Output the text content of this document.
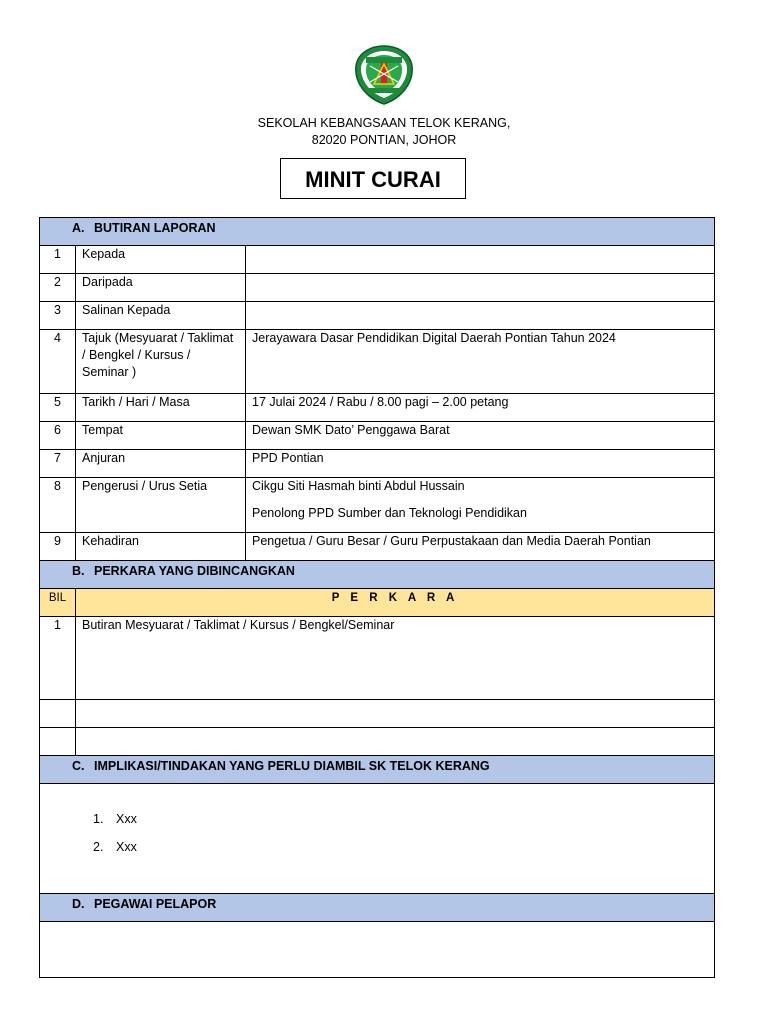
SEKOLAH KEBANGSAAN TELOK KERANG,
82020 PONTIAN, JOHOR
MINIT CURAI
A. BUTIRAN LAPORAN		
1	Kepada	
2	Daripada	
3	Salinan Kepada	
4	Tajuk (Mesyuarat / Taklimat / Bengkel / Kursus / Seminar )	Jerayawara Dasar Pendidikan Digital Daerah Pontian Tahun 2024
5	Tarikh / Hari / Masa	17 Julai 2024 / Rabu / 8.00 pagi – 2.00 petang
6	Tempat	Dewan SMK Dato’ Penggawa Barat
7	Anjuran	PPD Pontian
8	Pengerusi / Urus Setia	Cikgu Siti Hasmah binti Abdul Hussain
Penolong PPD Sumber dan Teknologi Pendidikan

9	Kehadiran	Pengetua / Guru Besar / Guru Perpustakaan dan Media Daerah Pontian
B. PERKARA YANG DIBINCANGKAN		
BIL	P E R K A R A	
1	Butiran Mesyuarat / Taklimat / Kursus / Bengkel/Seminar	

C. IMPLIKASI/TINDAKAN YANG PERLU DIAMBIL SK TELOK KERANG		

1. Xxx
2. Xxx		

D. PEGAWAI PELAPOR		
